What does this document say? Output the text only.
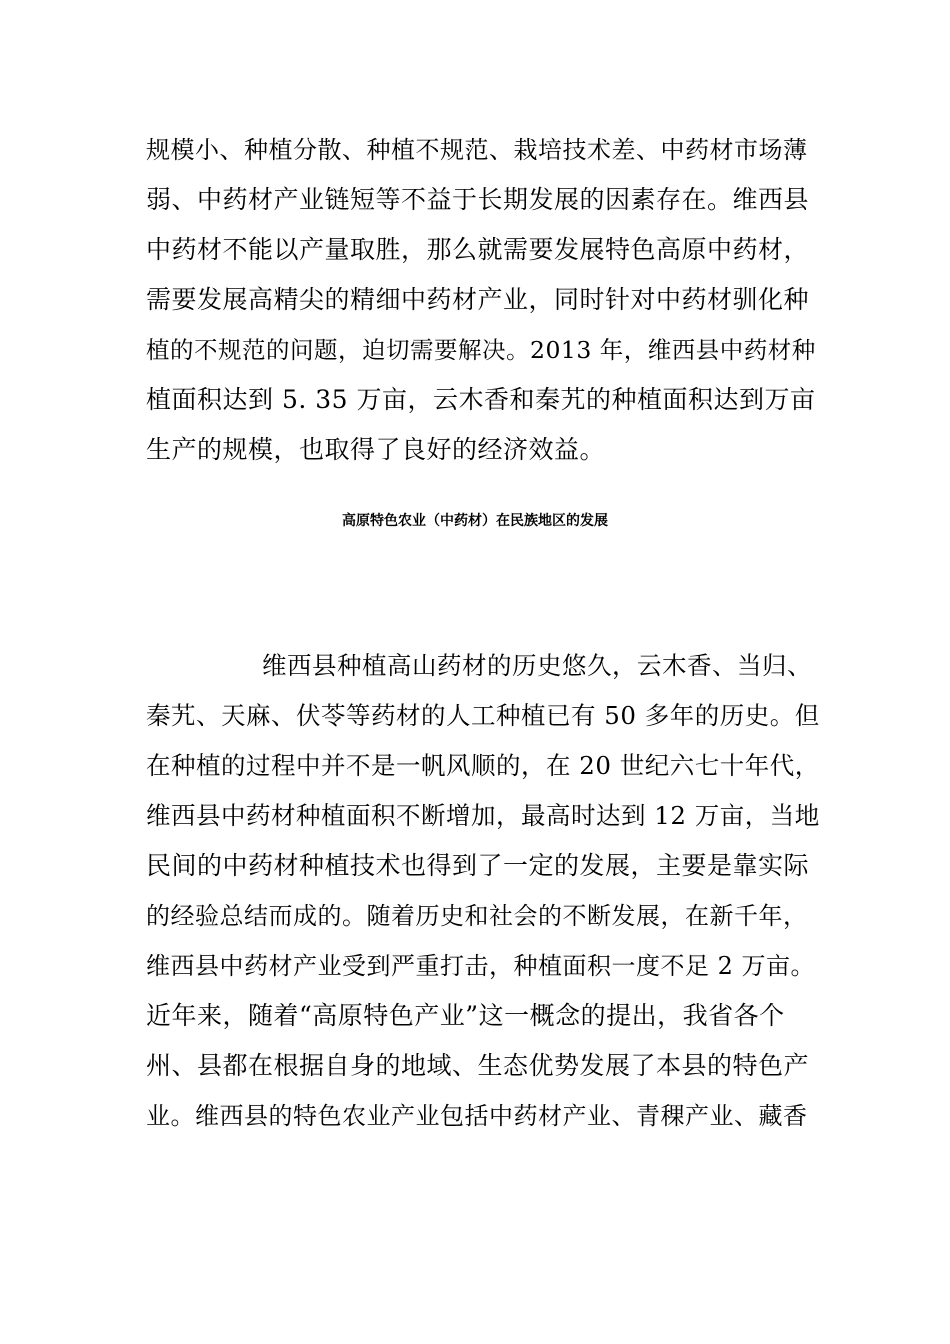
规模小、种植分散、种植不规范、栽培技术差、中药材市场薄
弱、中药材产业链短等不益于长期发展的因素存在。维西县
中药材不能以产量取胜，那么就需要发展特色高原中药材，
需要发展高精尖的精细中药材产业，同时针对中药材驯化种
植的不规范的问题，迫切需要解决。2013 年，维西县中药材种
植面积达到 5. 35 万亩，云木香和秦艽的种植面积达到万亩
生产的规模，也取得了良好的经济效益。
高原特色农业（中药材）在民族地区的发展
维西县种植高山药材的历史悠久，云木香、当归、
秦艽、天麻、伏苓等药材的人工种植已有 50 多年的历史。但
在种植的过程中并不是一帆风顺的，在 20 世纪六七十年代，
维西县中药材种植面积不断增加，最高时达到 12 万亩，当地
民间的中药材种植技术也得到了一定的发展，主要是靠实际
的经验总结而成的。随着历史和社会的不断发展，在新千年，
维西县中药材产业受到严重打击，种植面积一度不足 2 万亩。
近年来，随着“高原特色产业”这一概念的提出，我省各个
州、县都在根据自身的地域、生态优势发展了本县的特色产
业。维西县的特色农业产业包括中药材产业、青稞产业、藏香
